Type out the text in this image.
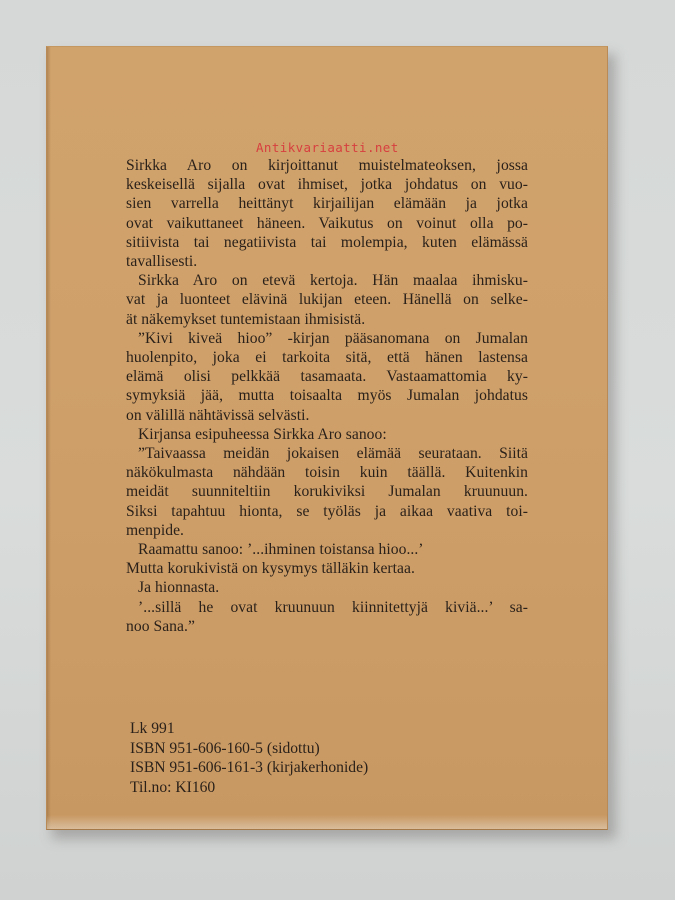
Antikvariaatti.net
Sirkka Aro on kirjoittanut muistelmateoksen, jossa
keskeisellä sijalla ovat ihmiset, jotka johdatus on vuo-
sien varrella heittänyt kirjailijan elämään ja jotka
ovat vaikuttaneet häneen. Vaikutus on voinut olla po-
sitiivista tai negatiivista tai molempia, kuten elämässä
tavallisesti.
Sirkka Aro on etevä kertoja. Hän maalaa ihmisku-
vat ja luonteet elävinä lukijan eteen. Hänellä on selke-
ät näkemykset tuntemistaan ihmisistä.
”Kivi kiveä hioo” -kirjan pääsanomana on Jumalan
huolenpito, joka ei tarkoita sitä, että hänen lastensa
elämä olisi pelkkää tasamaata. Vastaamattomia ky-
symyksiä jää, mutta toisaalta myös Jumalan johdatus
on välillä nähtävissä selvästi.
Kirjansa esipuheessa Sirkka Aro sanoo:
”Taivaassa meidän jokaisen elämää seurataan. Siitä
näkökulmasta nähdään toisin kuin täällä. Kuitenkin
meidät suunniteltiin korukiviksi Jumalan kruunuun.
Siksi tapahtuu hionta, se työläs ja aikaa vaativa toi-
menpide.
Raamattu sanoo: ’...ihminen toistansa hioo...’
Mutta korukivistä on kysymys tälläkin kertaa.
Ja hionnasta.
’...sillä he ovat kruunuun kiinnitettyjä kiviä...’ sa-
noo Sana.”
Lk 991
ISBN 951-606-160-5 (sidottu)
ISBN 951-606-161-3 (kirjakerhonide)
Til.no: KI160
